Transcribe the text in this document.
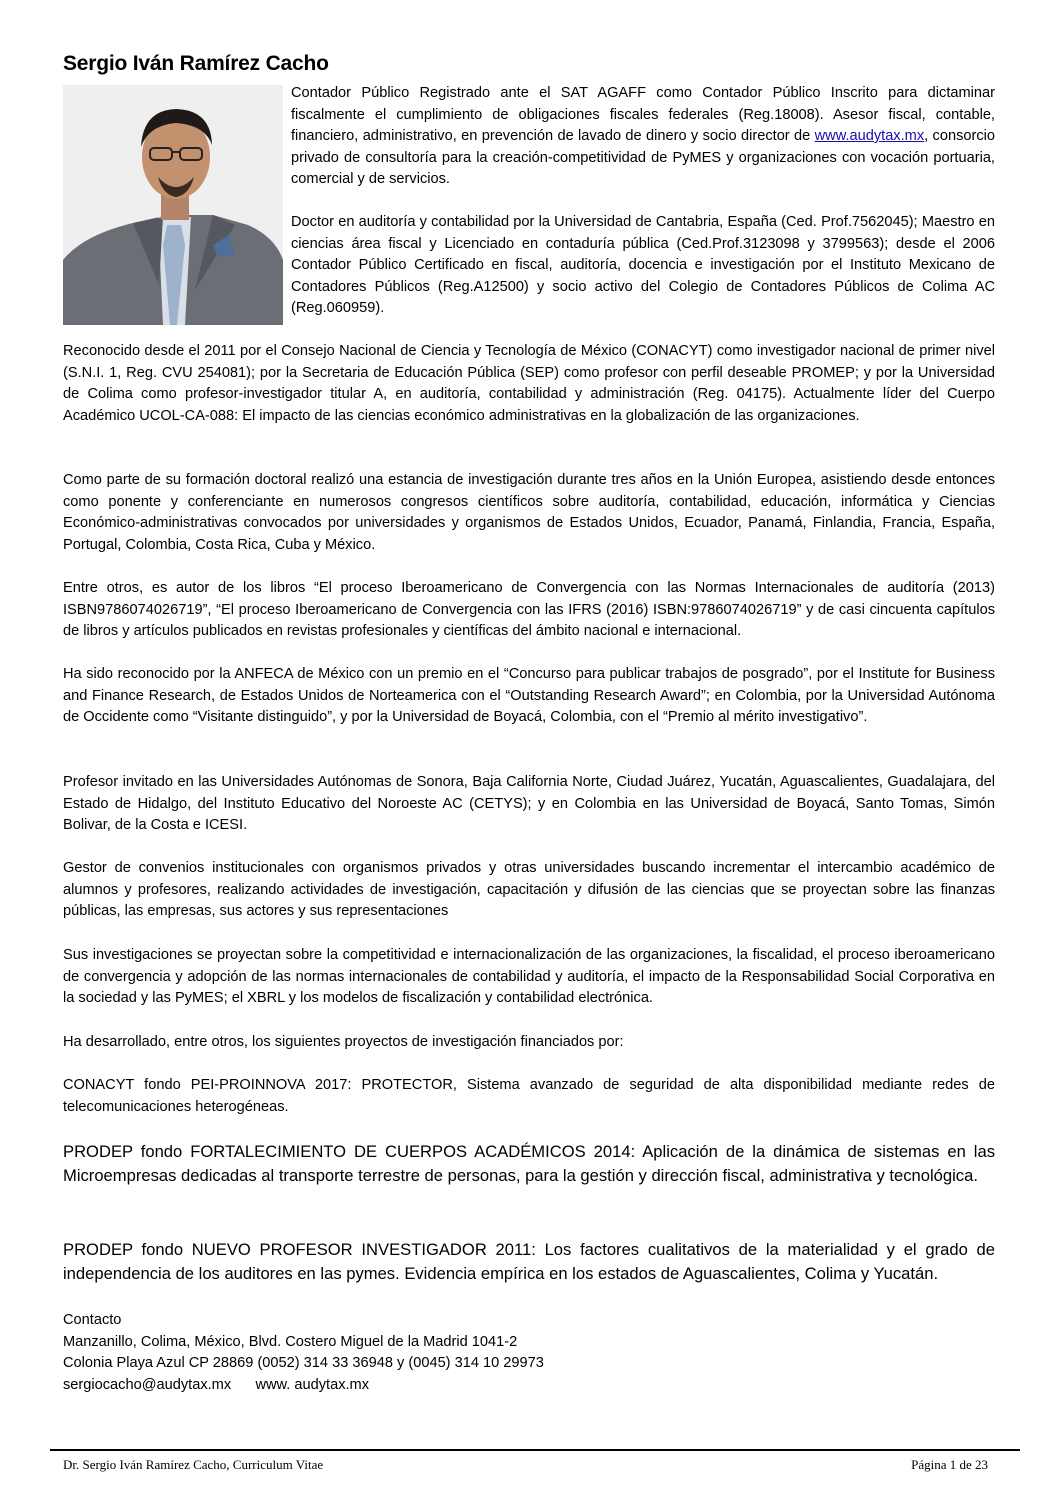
Sergio Iván Ramírez Cacho
Contador Público Registrado ante el SAT AGAFF como Contador Público Inscrito para dictaminar fiscalmente el cumplimiento de obligaciones fiscales federales (Reg.18008). Asesor fiscal, contable, financiero, administrativo, en prevención de lavado de dinero y socio director de www.audytax.mx, consorcio privado de consultoría para la creación-competitividad de PyMES y organizaciones con vocación portuaria, comercial y de servicios.
Doctor en auditoría y contabilidad por la Universidad de Cantabria, España (Ced. Prof.7562045); Maestro en ciencias área fiscal y Licenciado en contaduría pública (Ced.Prof.3123098 y 3799563); desde el 2006 Contador Público Certificado en fiscal, auditoría, docencia e investigación por el Instituto Mexicano de Contadores Públicos (Reg.A12500) y socio activo del Colegio de Contadores Públicos de Colima AC (Reg.060959).
Reconocido desde el 2011 por el Consejo Nacional de Ciencia y Tecnología de México (CONACYT) como investigador nacional de primer nivel (S.N.I. 1, Reg. CVU 254081); por la Secretaria de Educación Pública (SEP) como profesor con perfil deseable PROMEP; y por la Universidad de Colima como profesor-investigador titular A, en auditoría, contabilidad y administración (Reg. 04175). Actualmente líder del Cuerpo Académico UCOL-CA-088: El impacto de las ciencias económico administrativas en la globalización de las organizaciones.
Como parte de su formación doctoral realizó una estancia de investigación durante tres años en la Unión Europea, asistiendo desde entonces como ponente y conferenciante en numerosos congresos científicos sobre auditoría, contabilidad, educación, informática y Ciencias Económico-administrativas convocados por universidades y organismos de Estados Unidos, Ecuador, Panamá, Finlandia, Francia, España, Portugal, Colombia, Costa Rica, Cuba y México.
Entre otros, es autor de los libros “El proceso Iberoamericano de Convergencia con las Normas Internacionales de auditoría (2013) ISBN9786074026719”, “El proceso Iberoamericano de Convergencia con las IFRS (2016) ISBN:9786074026719” y de casi cincuenta capítulos de libros y artículos publicados en revistas profesionales y científicas del ámbito nacional e internacional.
Ha sido reconocido por la ANFECA de México con un premio en el “Concurso para publicar trabajos de posgrado”, por el Institute for Business and Finance Research, de Estados Unidos de Norteamerica con el “Outstanding Research Award”; en Colombia, por la Universidad Autónoma de Occidente como “Visitante distinguido”, y por la Universidad de Boyacá, Colombia, con el “Premio al mérito investigativo”.
Profesor invitado en las Universidades Autónomas de Sonora, Baja California Norte, Ciudad Juárez, Yucatán, Aguascalientes, Guadalajara, del Estado de Hidalgo, del Instituto Educativo del Noroeste AC (CETYS); y en Colombia en las Universidad de Boyacá, Santo Tomas, Simón Bolivar, de la Costa e ICESI.
Gestor de convenios institucionales con organismos privados y otras universidades buscando incrementar el intercambio académico de alumnos y profesores, realizando actividades de investigación, capacitación y difusión de las ciencias que se proyectan sobre las finanzas públicas, las empresas, sus actores y sus representaciones
Sus investigaciones se proyectan sobre la competitividad e internacionalización de las organizaciones, la fiscalidad, el proceso iberoamericano de convergencia y adopción de las normas internacionales de contabilidad y auditoría, el impacto de la Responsabilidad Social Corporativa en la sociedad y las PyMES; el XBRL y los modelos de fiscalización y contabilidad electrónica.
Ha desarrollado, entre otros, los siguientes proyectos de investigación financiados por:
CONACYT fondo PEI-PROINNOVA 2017: PROTECTOR, Sistema avanzado de seguridad de alta disponibilidad mediante redes de telecomunicaciones heterogéneas.
PRODEP fondo FORTALECIMIENTO DE CUERPOS ACADÉMICOS 2014: Aplicación de la dinámica de sistemas en las Microempresas dedicadas al transporte terrestre de personas, para la gestión y dirección fiscal, administrativa y tecnológica.
PRODEP fondo NUEVO PROFESOR INVESTIGADOR 2011: Los factores cualitativos de la materialidad y el grado de independencia de los auditores en las pymes. Evidencia empírica en los estados de Aguascalientes, Colima y Yucatán.
Contacto
Manzanillo, Colima, México, Blvd. Costero Miguel de la Madrid 1041-2
Colonia Playa Azul CP 28869 (0052) 314 33 36948 y (0045) 314 10 29973
sergiocacho@audytax.mx www. audytax.mx
Dr. Sergio Iván Ramírez Cacho, Curriculum Vitae	Página 1 de 23
